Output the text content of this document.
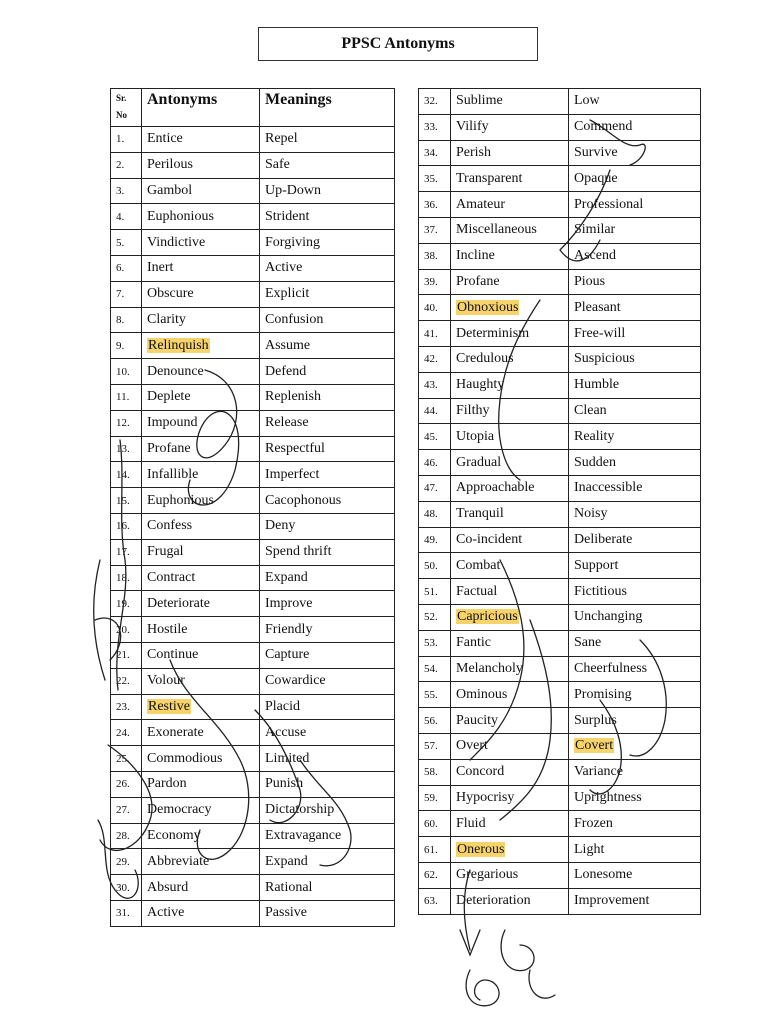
PPSC Antonyms
Sr.
No	Antonyms	Meanings
1.	Entice	Repel
2.	Perilous	Safe
3.	Gambol	Up-Down
4.	Euphonious	Strident
5.	Vindictive	Forgiving
6.	Inert	Active
7.	Obscure	Explicit
8.	Clarity	Confusion
9.	Relinquish	Assume
10.	Denounce	Defend
11.	Deplete	Replenish
12.	Impound	Release
13.	Profane	Respectful
14.	Infallible	Imperfect
15.	Euphonious	Cacophonous
16.	Confess	Deny
17.	Frugal	Spend thrift
18.	Contract	Expand
19.	Deteriorate	Improve
20.	Hostile	Friendly
21.	Continue	Capture
22.	Volour	Cowardice
23.	Restive	Placid
24.	Exonerate	Accuse
25.	Commodious	Limited
26.	Pardon	Punish
27.	Democracy	Dictatorship
28.	Economy	Extravagance
29.	Abbreviate	Expand
30.	Absurd	Rational
31.	Active	Passive
32.	Sublime	Low
33.	Vilify	Commend
34.	Perish	Survive
35.	Transparent	Opaque
36.	Amateur	Professional
37.	Miscellaneous	Similar
38.	Incline	Ascend
39.	Profane	Pious
40.	Obnoxious	Pleasant
41.	Determinism	Free-will
42.	Credulous	Suspicious
43.	Haughty	Humble
44.	Filthy	Clean
45.	Utopia	Reality
46.	Gradual	Sudden
47.	Approachable	Inaccessible
48.	Tranquil	Noisy
49.	Co-incident	Deliberate
50.	Combat	Support
51.	Factual	Fictitious
52.	Capricious	Unchanging
53.	Fantic	Sane
54.	Melancholy	Cheerfulness
55.	Ominous	Promising
56.	Paucity	Surplus
57.	Overt	Covert
58.	Concord	Variance
59.	Hypocrisy	Uprightness
60.	Fluid	Frozen
61.	Onerous	Light
62.	Gregarious	Lonesome
63.	Deterioration	Improvement
